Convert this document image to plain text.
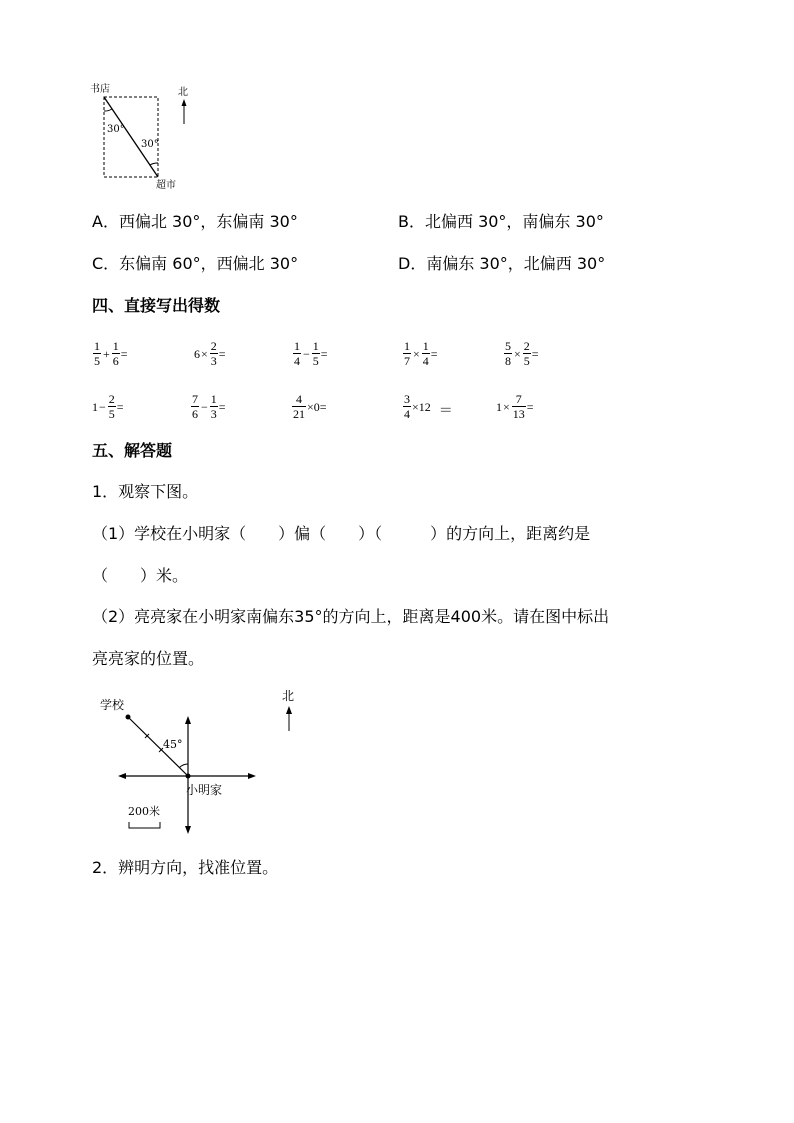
书店
超市
北
30°
30°
A．西偏北 30°，东偏南 30°	B．北偏西 30°，南偏东 30°
C．东偏南 60°，西偏北 30°	D．南偏东 30°，北偏西 30°
四、直接写出得数
$\frac{1}{5} + \frac{1}{6}$ =	$6 \times \frac{2}{3}$ =	$\frac{1}{4} - \frac{1}{5}$ =	$\frac{1}{7} \times \frac{1}{4}$ =	$\frac{5}{8} \times \frac{2}{5}$ =
$1 - \frac{2}{5}$ =	$\frac{7}{6} - \frac{1}{3}$ =	$\frac{4}{21} \times 0=$	$\frac{3}{4} \times 12$ ＝	$1 \times \frac{7}{13}$ =
五、解答题
1．观察下图。
（1）学校在小明家（　　）偏（　　）（　　　）的方向上，距离约是
（　　）米。
（2）亮亮家在小明家南偏东35°的方向上，距离是400米。请在图中标出
亮亮家的位置。
学校
小明家
45°
北
200米
2．辨明方向，找准位置。
